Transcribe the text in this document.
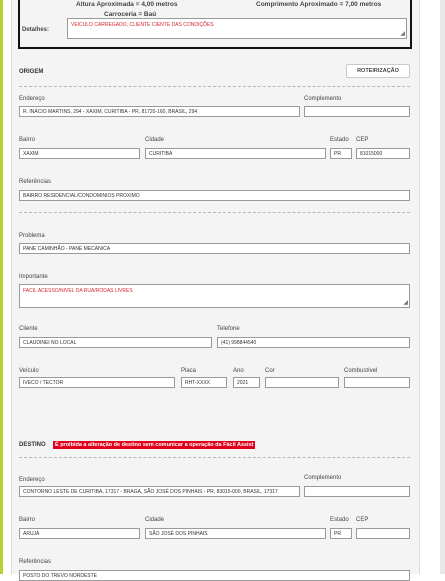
Altura Aproximada = 4,00 metros	Comprimento Aproximado = 7,00 metros
Carroceria = Baú
Detalhes:
VEICULO CARREGADO, CLIENTE CIENTE DAS CONDIÇÕES
◢
ORIGEM	ROTEIRIZAÇÃO
Endereço
R. INÁCIO MARTINS, 294 - XAXIM, CURITIBA - PR, 81720-160, BRASIL, 294
Complemento
Bairro
XAXIM
Cidade
CURITIBA
Estado
PR
CEP
81015000
Referências
BAIRRO RESIDENCIAL/CONDOMINIOS PROXIMO
Problema
PANE CAMINHÃO - PANE MECANICA
Importante
FACIL ACESSO/NIVEL DA RUA/RODAS LIVRES
◢
Cliente
CLAUDINEI NO LOCAL
Telefone
(41) 998844540
Veículo
IVECO / TECTOR
Placa
RHT-XXXX
Ano
2021
Cor	Combustível
DESTINO	É proibida a alteração de destino sem comunicar a operação da Fácil Assist
Endereço
CONTORNO LESTE DE CURITIBA, 17317 - BRAGA, SÃO JOSÉ DOS PINHAIS - PR, 83015-000, BRASIL, 17317
Complemento
Bairro
ARUJÁ
Cidade
SÃO JOSÉ DOS PINHAIS
Estado
PR
CEP
Referências
POSTO DO TREVO NORDESTE
